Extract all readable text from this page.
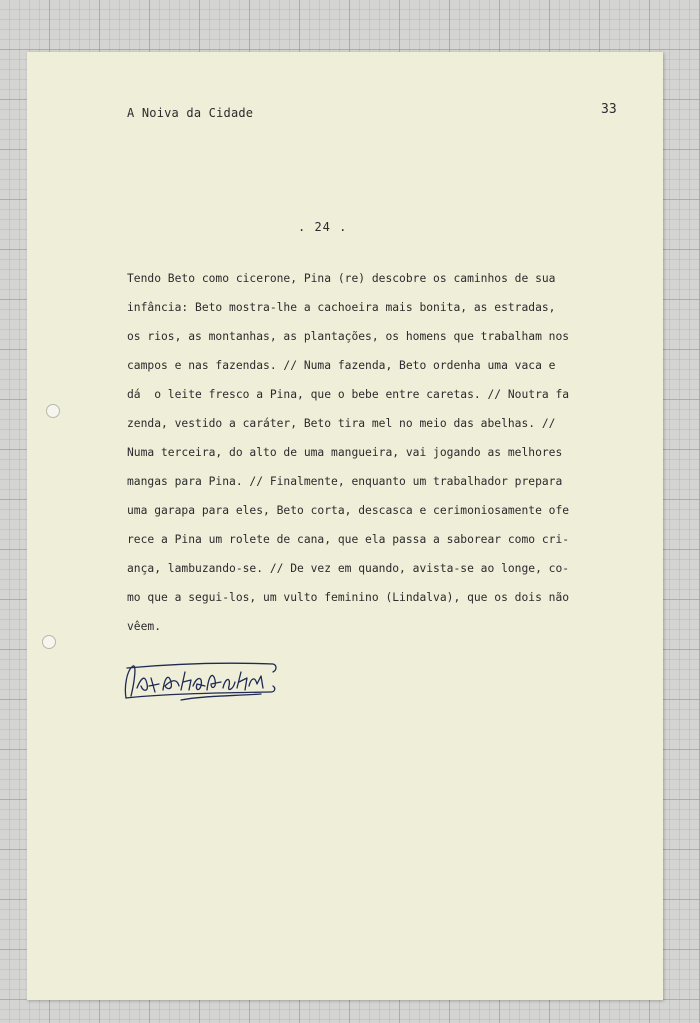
A Noiva da Cidade	33
. 24 .
Tendo Beto como cicerone, Pina (re) descobre os caminhos de sua
infância: Beto mostra-lhe a cachoeira mais bonita, as estradas,
os rios, as montanhas, as plantações, os homens que trabalham nos
campos e nas fazendas. // Numa fazenda, Beto ordenha uma vaca e
dá  o leite fresco a Pina, que o bebe entre caretas. // Noutra fa
zenda, vestido a caráter, Beto tira mel no meio das abelhas. //
Numa terceira, do alto de uma mangueira, vai jogando as melhores
mangas para Pina. // Finalmente, enquanto um trabalhador prepara
uma garapa para eles, Beto corta, descasca e cerimoniosamente ofe
rece a Pina um rolete de cana, que ela passa a saborear como cri-
ança, lambuzando-se. // De vez em quando, avista-se ao longe, co-
mo que a segui-los, um vulto feminino (Lindalva), que os dois não
vêem.
